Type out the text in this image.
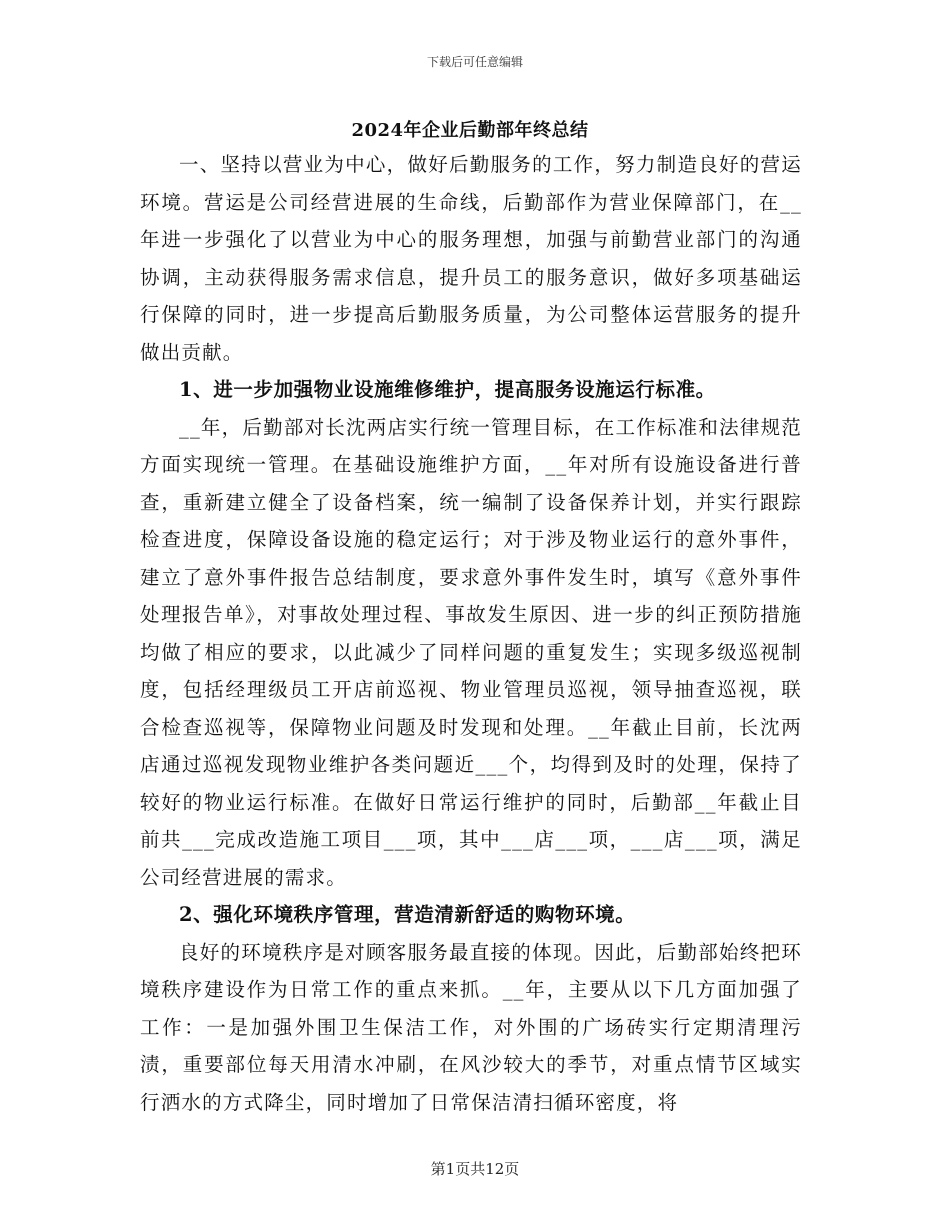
下载后可任意编辑
2024年企业后勤部年终总结

一、坚持以营业为中心，做好后勤服务的工作，努力制造良好的营运环境。营运是公司经营进展的生命线，后勤部作为营业保障部门，在__年进一步强化了以营业为中心的服务理想，加强与前勤营业部门的沟通协调，主动获得服务需求信息，提升员工的服务意识，做好多项基础运行保障的同时，进一步提高后勤服务质量，为公司整体运营服务的提升做出贡献。

1、进一步加强物业设施维修维护，提高服务设施运行标准。

__年，后勤部对长沈两店实行统一管理目标，在工作标准和法律规范方面实现统一管理。在基础设施维护方面，__年对所有设施设备进行普查，重新建立健全了设备档案，统一编制了设备保养计划，并实行跟踪检查进度，保障设备设施的稳定运行；对于涉及物业运行的意外事件，建立了意外事件报告总结制度，要求意外事件发生时，填写《意外事件处理报告单》，对事故处理过程、事故发生原因、进一步的纠正预防措施均做了相应的要求，以此减少了同样问题的重复发生；实现多级巡视制度，包括经理级员工开店前巡视、物业管理员巡视，领导抽查巡视，联合检查巡视等，保障物业问题及时发现和处理。__年截止目前，长沈两店通过巡视发现物业维护各类问题近___个，均得到及时的处理，保持了较好的物业运行标准。在做好日常运行维护的同时，后勤部__年截止目前共___完成改造施工项目___项，其中___店___项，___店___项，满足公司经营进展的需求。

2、强化环境秩序管理，营造清新舒适的购物环境。

良好的环境秩序是对顾客服务最直接的体现。因此，后勤部始终把环境秩序建设作为日常工作的重点来抓。__年，主要从以下几方面加强了工作：一是加强外围卫生保洁工作，对外围的广场砖实行定期清理污渍，重要部位每天用清水冲刷，在风沙较大的季节，对重点情节区域实行洒水的方式降尘，同时增加了日常保洁清扫循环密度，将

第1页共12页
